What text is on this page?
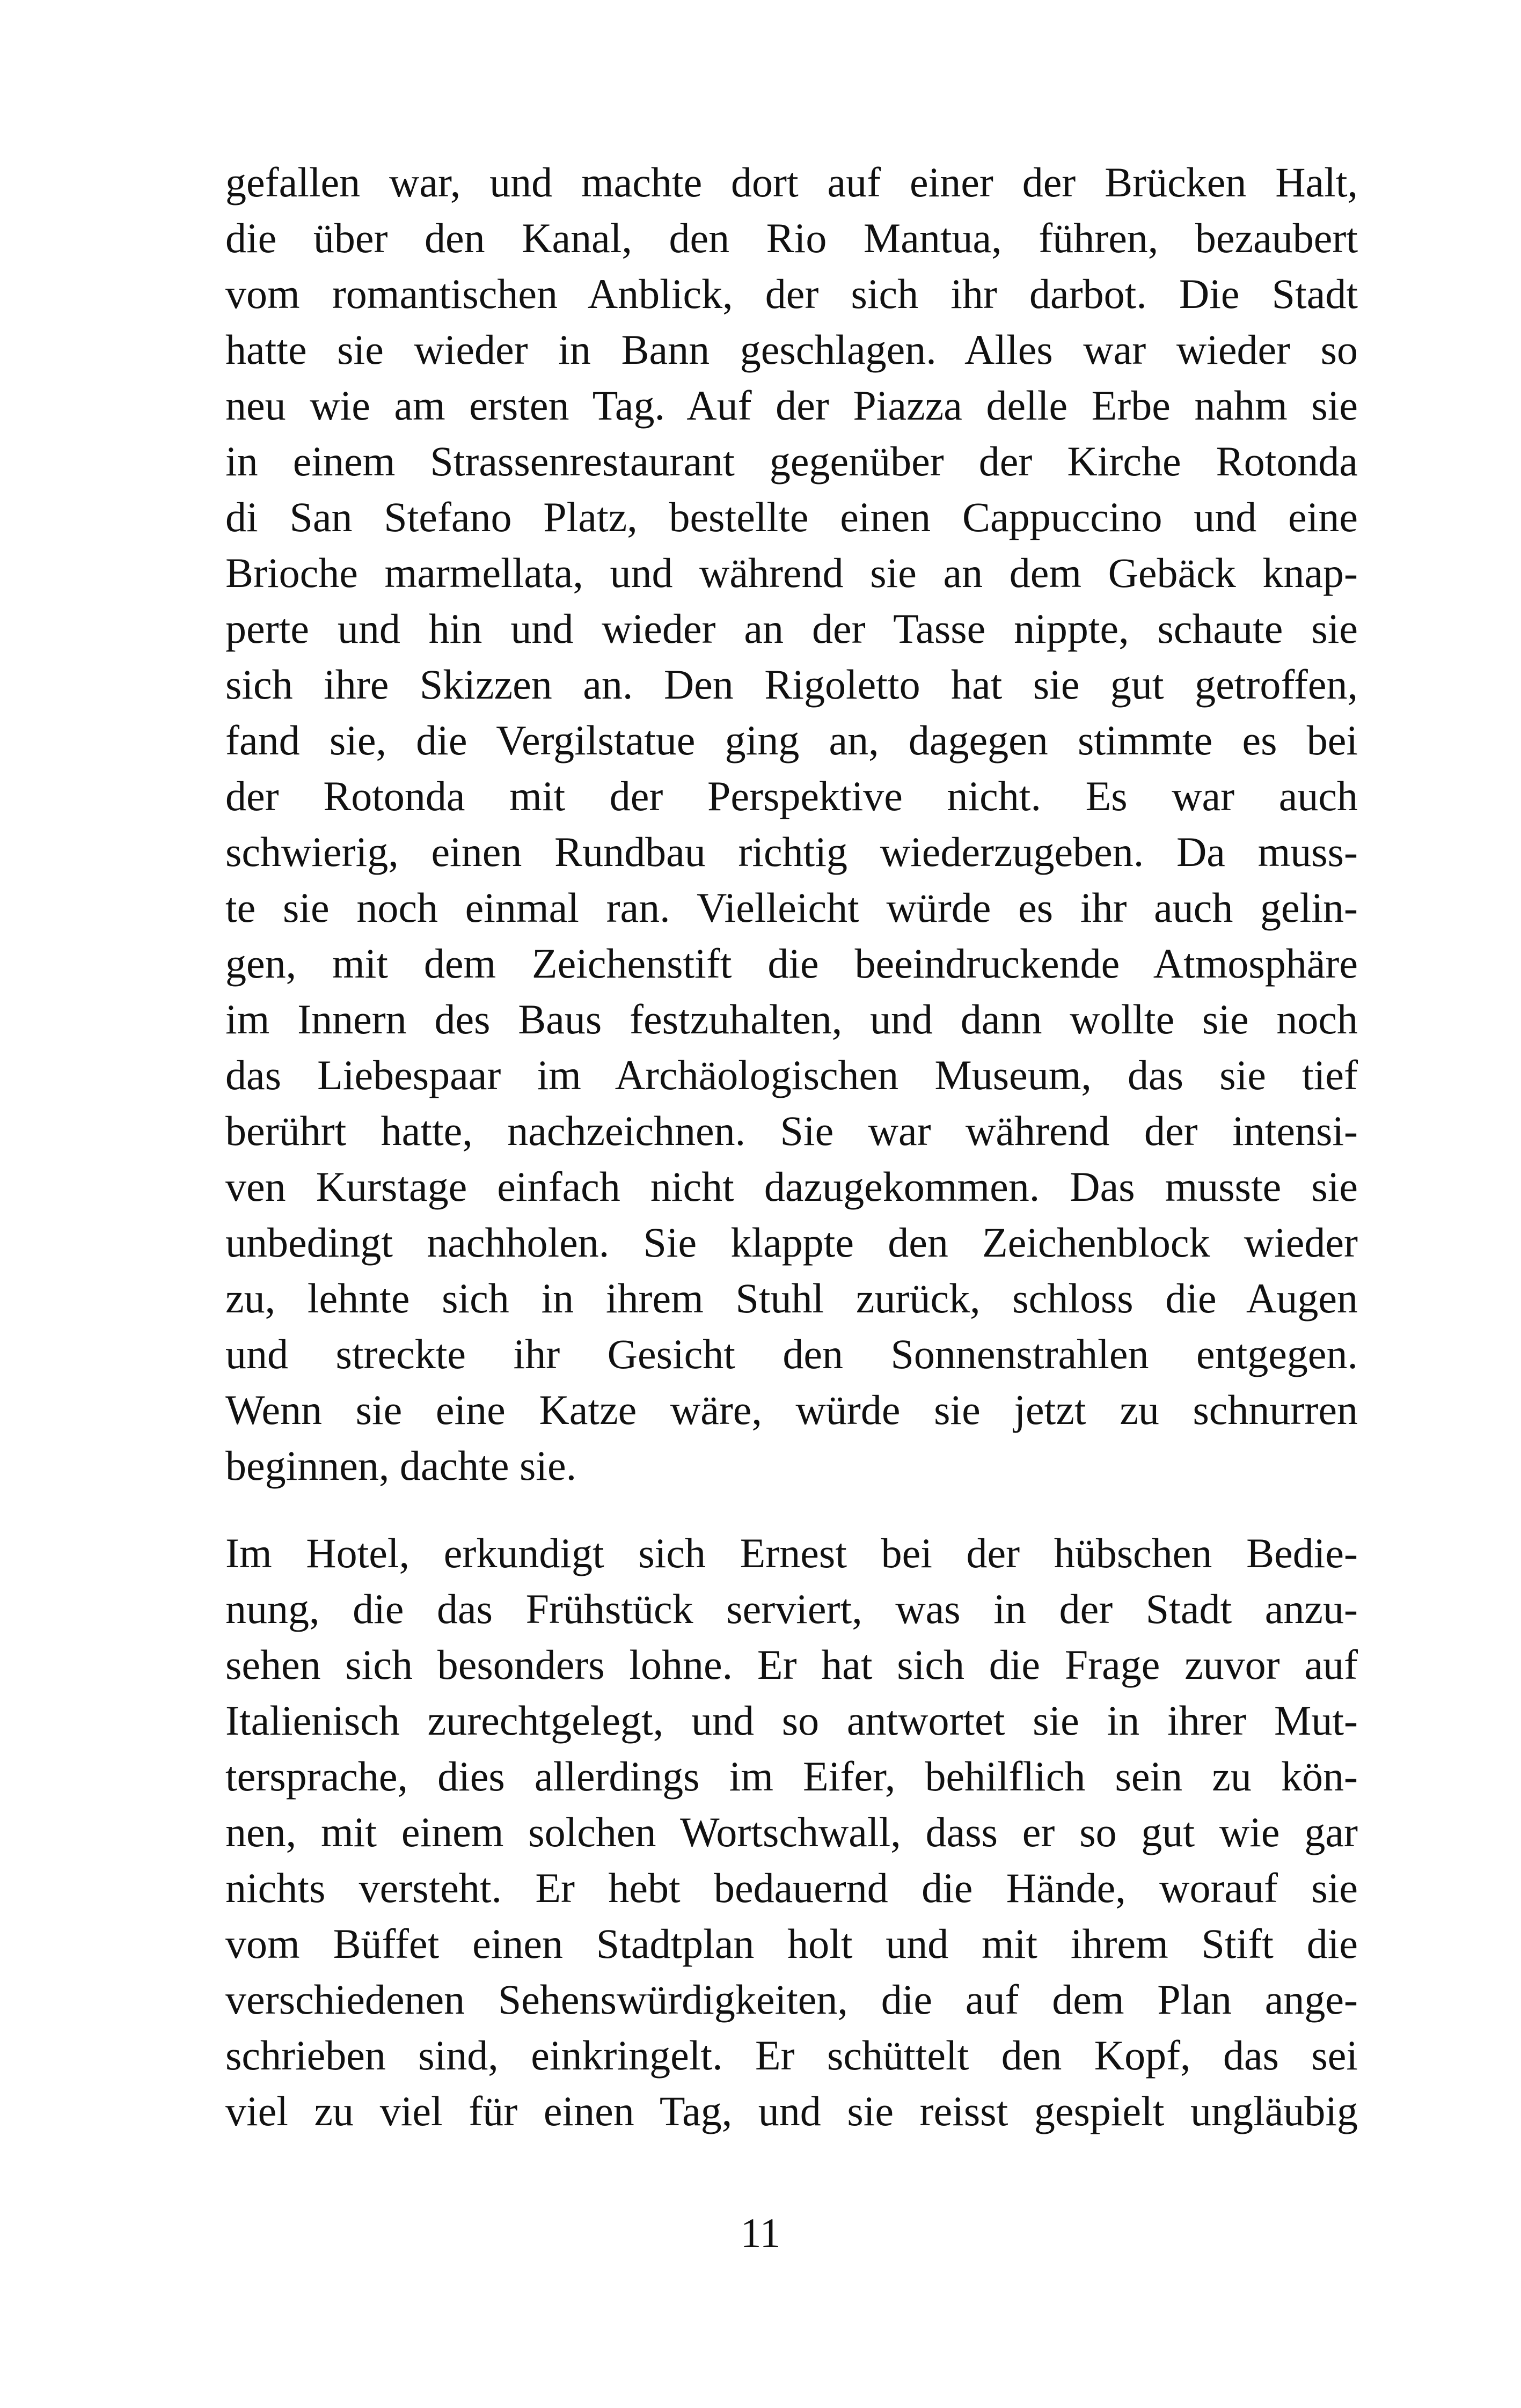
gefallen war, und machte dort auf einer der Brücken Halt,
die über den Kanal, den Rio Mantua, führen, bezaubert
vom romantischen Anblick, der sich ihr darbot. Die Stadt
hatte sie wieder in Bann geschlagen. Alles war wieder so
neu wie am ersten Tag. Auf der Piazza delle Erbe nahm sie
in einem Strassenrestaurant gegenüber der Kirche Rotonda
di San Stefano Platz, bestellte einen Cappuccino und eine
Brioche marmellata, und während sie an dem Gebäck knap-
perte und hin und wieder an der Tasse nippte, schaute sie
sich ihre Skizzen an. Den Rigoletto hat sie gut getroffen,
fand sie, die Vergilstatue ging an, dagegen stimmte es bei
der Rotonda mit der Perspektive nicht. Es war auch
schwierig, einen Rundbau richtig wiederzugeben. Da muss-
te sie noch einmal ran. Vielleicht würde es ihr auch gelin-
gen, mit dem Zeichenstift die beeindruckende Atmosphäre
im Innern des Baus festzuhalten, und dann wollte sie noch
das Liebespaar im Archäologischen Museum, das sie tief
berührt hatte, nachzeichnen. Sie war während der intensi-
ven Kurstage einfach nicht dazugekommen. Das musste sie
unbedingt nachholen. Sie klappte den Zeichenblock wieder
zu, lehnte sich in ihrem Stuhl zurück, schloss die Augen
und streckte ihr Gesicht den Sonnenstrahlen entgegen.
Wenn sie eine Katze wäre, würde sie jetzt zu schnurren
beginnen, dachte sie.
Im Hotel, erkundigt sich Ernest bei der hübschen Bedie-
nung, die das Frühstück serviert, was in der Stadt anzu-
sehen sich besonders lohne. Er hat sich die Frage zuvor auf
Italienisch zurechtgelegt, und so antwortet sie in ihrer Mut-
tersprache, dies allerdings im Eifer, behilflich sein zu kön-
nen, mit einem solchen Wortschwall, dass er so gut wie gar
nichts versteht. Er hebt bedauernd die Hände, worauf sie
vom Büffet einen Stadtplan holt und mit ihrem Stift die
verschiedenen Sehenswürdigkeiten, die auf dem Plan ange-
schrieben sind, einkringelt. Er schüttelt den Kopf, das sei
viel zu viel für einen Tag, und sie reisst gespielt ungläubig
11
